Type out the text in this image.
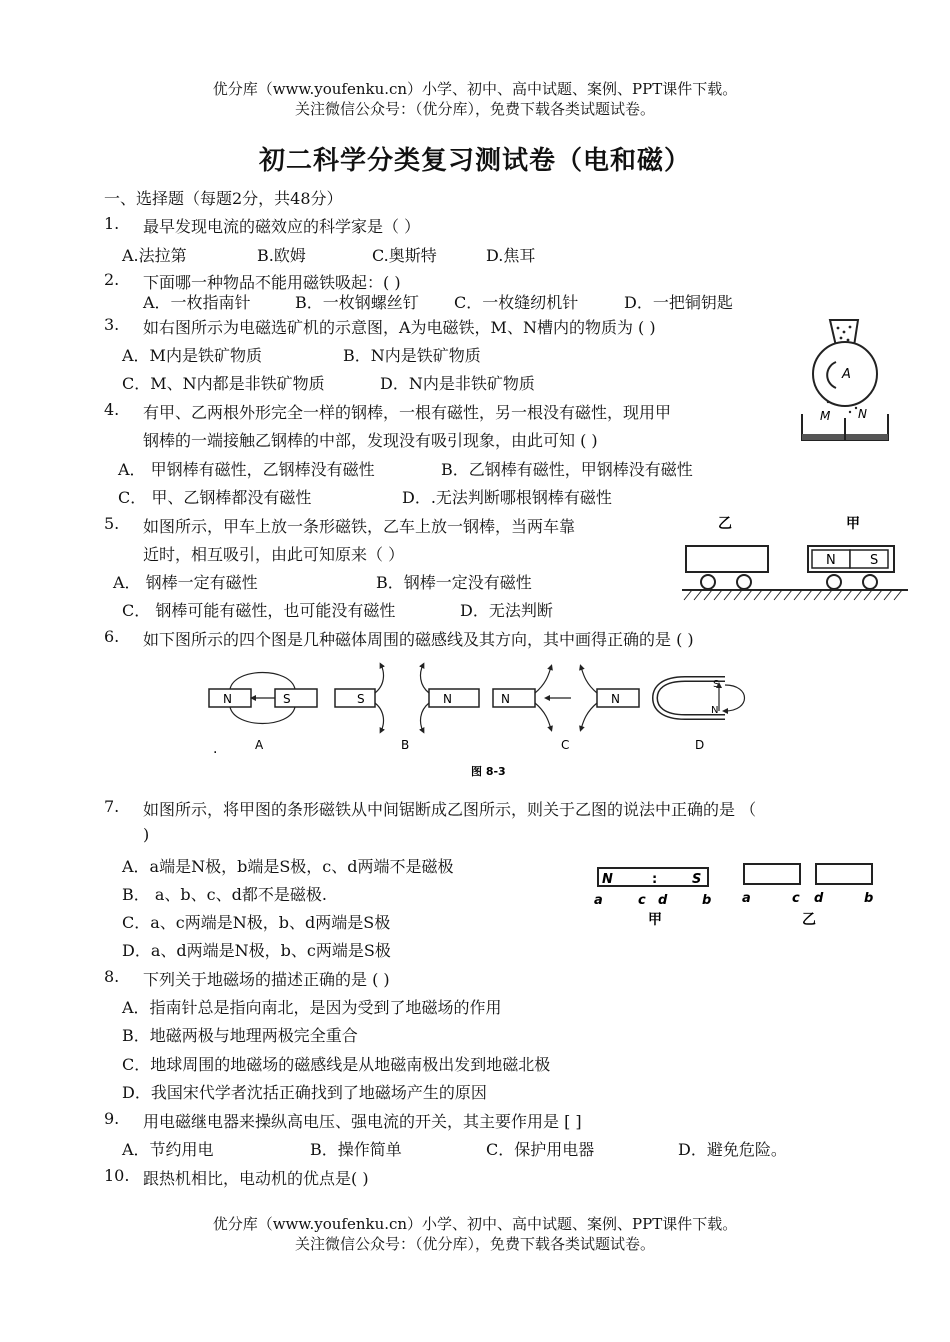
优分库（www.youfenku.cn）小学、初中、高中试题、案例、PPT课件下载。
关注微信公众号：（优分库），免费下载各类试题试卷。
初二科学分类复习测试卷（电和磁）
一、选择题（每题2分，共48分）
1. 最早发现电流的磁效应的科学家是（ ）
A.法拉第	B.欧姆	C.奥斯特	D.焦耳
2. 下面哪一种物品不能用磁铁吸起：( )
A．一枚指南针	B．一枚钢螺丝钉 C．一枚缝纫机针	D．一把铜钥匙
3. 如右图所示为电磁选矿机的示意图，A为电磁铁，M、N槽内的物质为 ( )
A．M内是铁矿物质	B．N内是铁矿物质
C．M、N内都是非铁矿物质	D．N内是非铁矿物质	A
M N
4. 有甲、乙两根外形完全一样的钢棒，一根有磁性，另一根没有磁性，现用甲
钢棒的一端接触乙钢棒的中部，发现没有吸引现象，由此可知 ( )
A． 甲钢棒有磁性，乙钢棒没有磁性	B．乙钢棒有磁性，甲钢棒没有磁性
C． 甲、乙钢棒都没有磁性	D．.无法判断哪根钢棒有磁性
5. 如图所示，甲车上放一条形磁铁，乙车上放一钢棒，当两车靠
近时，相互吸引，由此可知原来（ ）
A． 钢棒一定有磁性	B．钢棒一定没有磁性
C． 钢棒可能有磁性，也可能没有磁性	D．无法判断
乙	甲
N	S
6. 如下图所示的四个图是几种磁体周围的磁感线及其方向，其中画得正确的是 ( )
N	S
.	A
S	N
B
N	N
C
S
N
D
图 8-3
7. 如图所示，将甲图的条形磁铁从中间锯断成乙图所示，则关于乙图的说法中正确的是 （
)
A．a端是N极，b端是S极，c、d两端不是磁极
B． a、b、c、d都不是磁极.
C．a、c两端是N极，b、d两端是S极
D．a、d两端是N极，b、c两端是S极
N	:	S
a	c d	b
甲
a	c d	b
乙
8. 下列关于地磁场的描述正确的是 ( )
A．指南针总是指向南北，是因为受到了地磁场的作用
B．地磁两极与地理两极完全重合
C．地球周围的地磁场的磁感线是从地磁南极出发到地磁北极
D．我国宋代学者沈括正确找到了地磁场产生的原因
9. 用电磁继电器来操纵高电压、强电流的开关，其主要作用是 [ ]
A．节约用电	B．操作简单	C．保护用电器	D．避免危险。
10. 跟热机相比，电动机的优点是( )
优分库（www.youfenku.cn）小学、初中、高中试题、案例、PPT课件下载。
关注微信公众号：（优分库），免费下载各类试题试卷。
